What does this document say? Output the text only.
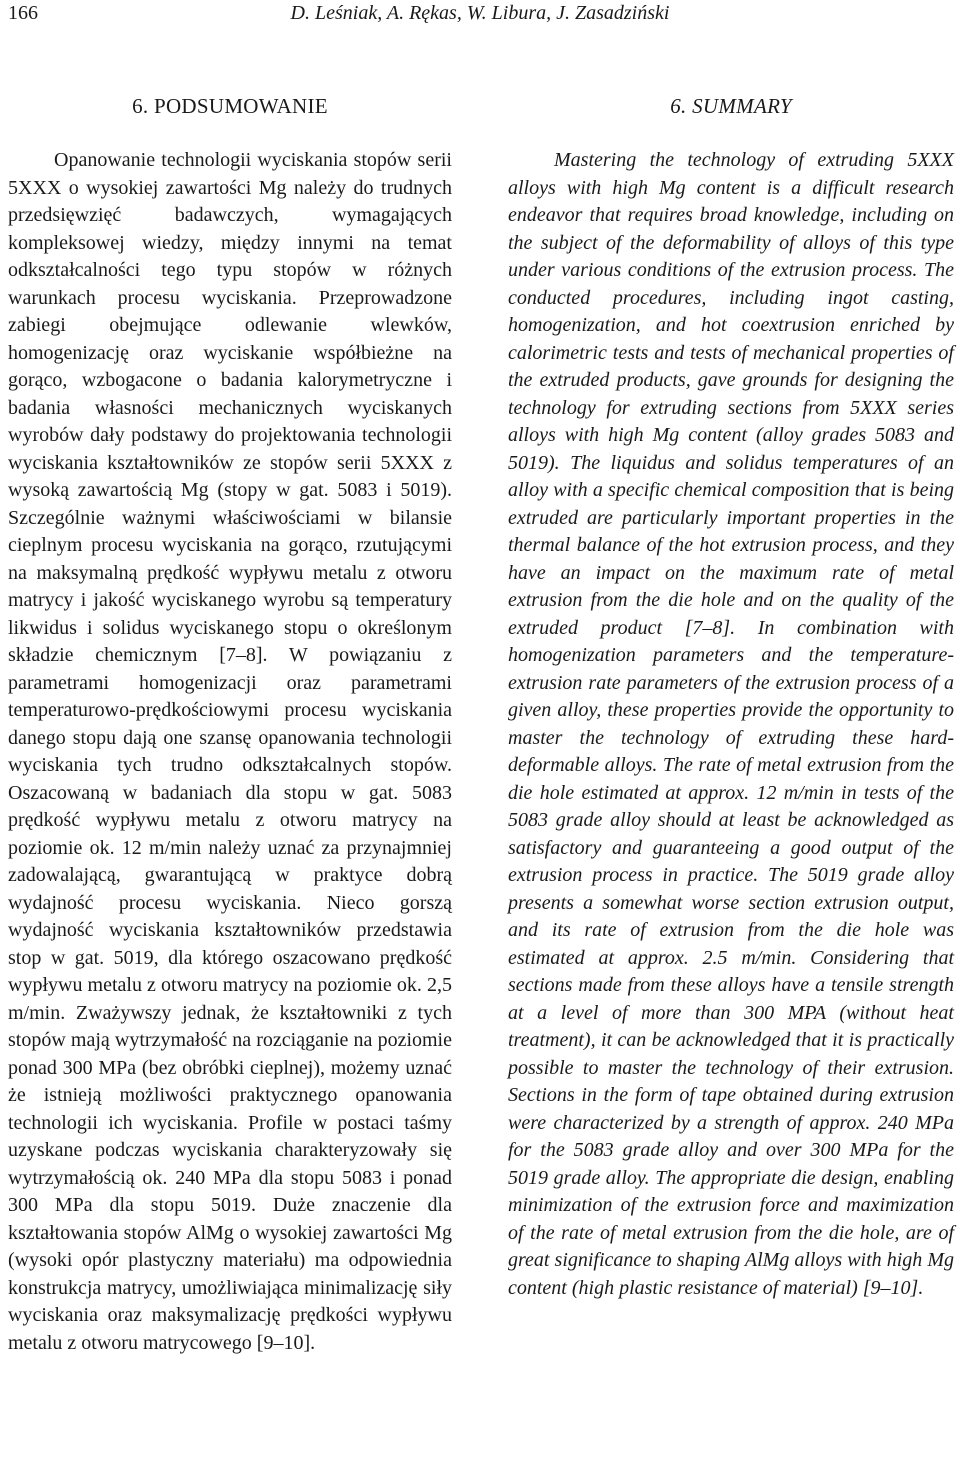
166	D. Leśniak, A. Rękas, W. Libura, J. Zasadziński
6. PODSUMOWANIE

Opanowanie technologii wyciskania stopów serii 5XXX o wysokiej zawartości Mg należy do trudnych przedsięwzięć badawczych, wymagających kompleksowej wiedzy, między innymi na temat odkształcalności tego typu stopów w różnych warunkach procesu wyciskania. Przeprowadzone zabiegi obejmujące odlewanie wlewków, homogenizację oraz wyciskanie współbieżne na gorąco, wzbogacone o badania kalorymetryczne i badania własności mechanicznych wyciskanych wyrobów dały podstawy do projektowania technologii wyciskania kształtowników ze stopów serii 5XXX z wysoką zawartością Mg (stopy w gat. 5083 i 5019). Szczególnie ważnymi właściwościami w bilansie cieplnym procesu wyciskania na gorąco, rzutującymi na maksymalną prędkość wypływu metalu z otworu matrycy i jakość wyciskanego wyrobu są temperatury likwidus i solidus wyciskanego stopu o określonym składzie chemicznym [7–8]. W powiązaniu z parametrami homogenizacji oraz parametrami temperaturowo-prędkościowymi procesu wyciskania danego stopu dają one szansę opanowania technologii wyciskania tych trudno odkształcalnych stopów. Oszacowaną w badaniach dla stopu w gat. 5083 prędkość wypływu metalu z otworu matrycy na poziomie ok. 12 m/min należy uznać za przynajmniej zadowalającą, gwarantującą w praktyce dobrą wydajność procesu wyciskania. Nieco gorszą wydajność wyciskania kształtowników przedstawia stop w gat. 5019, dla którego oszacowano prędkość wypływu metalu z otworu matrycy na poziomie ok. 2,5 m/min. Zważywszy jednak, że kształtowniki z tych stopów mają wytrzymałość na rozciąganie na poziomie ponad 300 MPa (bez obróbki cieplnej), możemy uznać że istnieją możliwości praktycznego opanowania technologii ich wyciskania. Profile w postaci taśmy uzyskane podczas wyciskania charakteryzowały się wytrzymałością ok. 240 MPa dla stopu 5083 i ponad 300 MPa dla stopu 5019. Duże znaczenie dla kształtowania stopów AlMg o wysokiej zawartości Mg (wysoki opór plastyczny materiału) ma odpowiednia konstrukcja matrycy, umożliwiająca minimalizację siły wyciskania oraz maksymalizację prędkości wypływu metalu z otworu matrycowego [9–10].

6. SUMMARY

Mastering the technology of extruding 5XXX alloys with high Mg content is a difficult research endeavor that requires broad knowledge, including on the subject of the deformability of alloys of this type under various conditions of the extrusion process. The conducted procedures, including ingot casting, homogenization, and hot coextrusion enriched by calorimetric tests and tests of mechanical properties of the extruded products, gave grounds for designing the technology for extruding sections from 5XXX series alloys with high Mg content (alloy grades 5083 and 5019). The liquidus and solidus temperatures of an alloy with a specific chemical composition that is being extruded are particularly important properties in the thermal balance of the hot extrusion process, and they have an impact on the maximum rate of metal extrusion from the die hole and on the quality of the extruded product [7–8]. In combination with homogenization parameters and the temperature-extrusion rate parameters of the extrusion process of a given alloy, these properties provide the opportunity to master the technology of extruding these hard-deformable alloys. The rate of metal extrusion from the die hole estimated at approx. 12 m/min in tests of the 5083 grade alloy should at least be acknowledged as satisfactory and guaranteeing a good output of the extrusion process in practice. The 5019 grade alloy presents a somewhat worse section extrusion output, and its rate of extrusion from the die hole was estimated at approx. 2.5 m/min. Considering that sections made from these alloys have a tensile strength at a level of more than 300 MPA (without heat treatment), it can be acknowledged that it is practically possible to master the technology of their extrusion. Sections in the form of tape obtained during extrusion were characterized by a strength of approx. 240 MPa for the 5083 grade alloy and over 300 MPa for the 5019 grade alloy. The appropriate die design, enabling minimization of the extrusion force and maximization of the rate of metal extrusion from the die hole, are of great significance to shaping AlMg alloys with high Mg content (high plastic resistance of material) [9–10].
